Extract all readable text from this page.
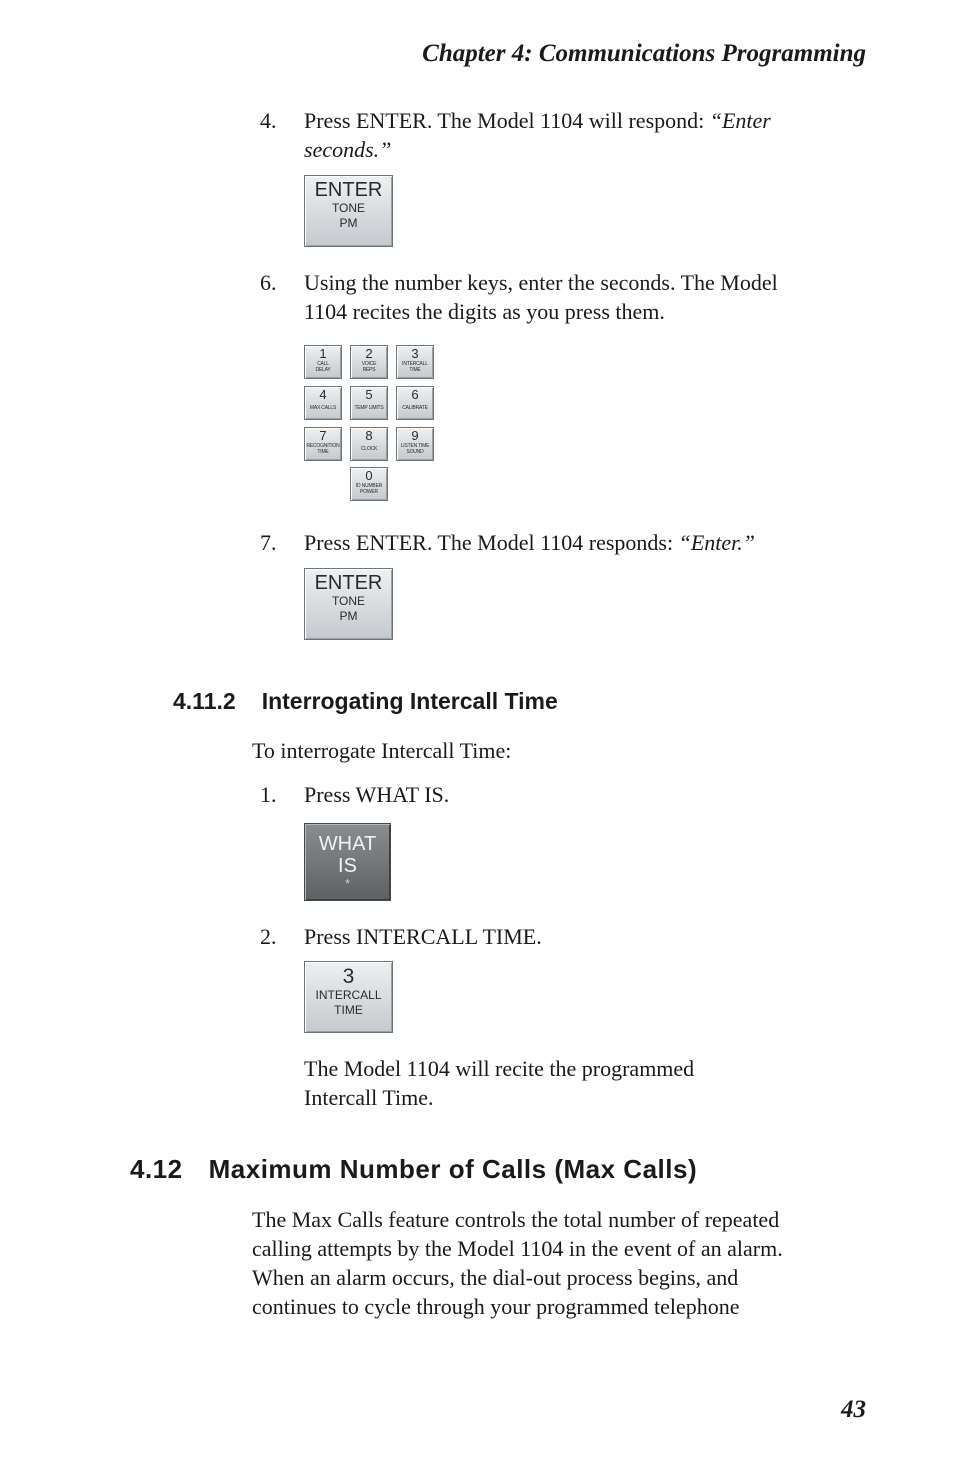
Chapter 4: Communications Programming
4. Press ENTER. The Model 1104 will respond: “Enter
seconds.”
ENTER
TONE
PM
6. Using the number keys, enter the seconds. The Model
1104 recites the digits as you press them.
1
CALL
DELAY
2
VOICE
REPS
3
INTERCALL
TIME
4
MAX CALLS
5
TEMP LIMITS
6
CALIBRATE
7
RECOGNITION
TIME
8
CLOCK
9
LISTEN TIME
SOUND
0
ID NUMBER
POWER
7. Press ENTER. The Model 1104 responds: “Enter.”
ENTER
TONE
PM
4.11.2 Interrogating Intercall Time
To interrogate Intercall Time:
1. Press WHAT IS.
WHAT
IS
*
2. Press INTERCALL TIME.
3
INTERCALL
TIME
The Model 1104 will recite the programmed
Intercall Time.
4.12 Maximum Number of Calls (Max Calls)
The Max Calls feature controls the total number of repeated
calling attempts by the Model 1104 in the event of an alarm.
When an alarm occurs, the dial-out process begins, and
continues to cycle through your programmed telephone
43
